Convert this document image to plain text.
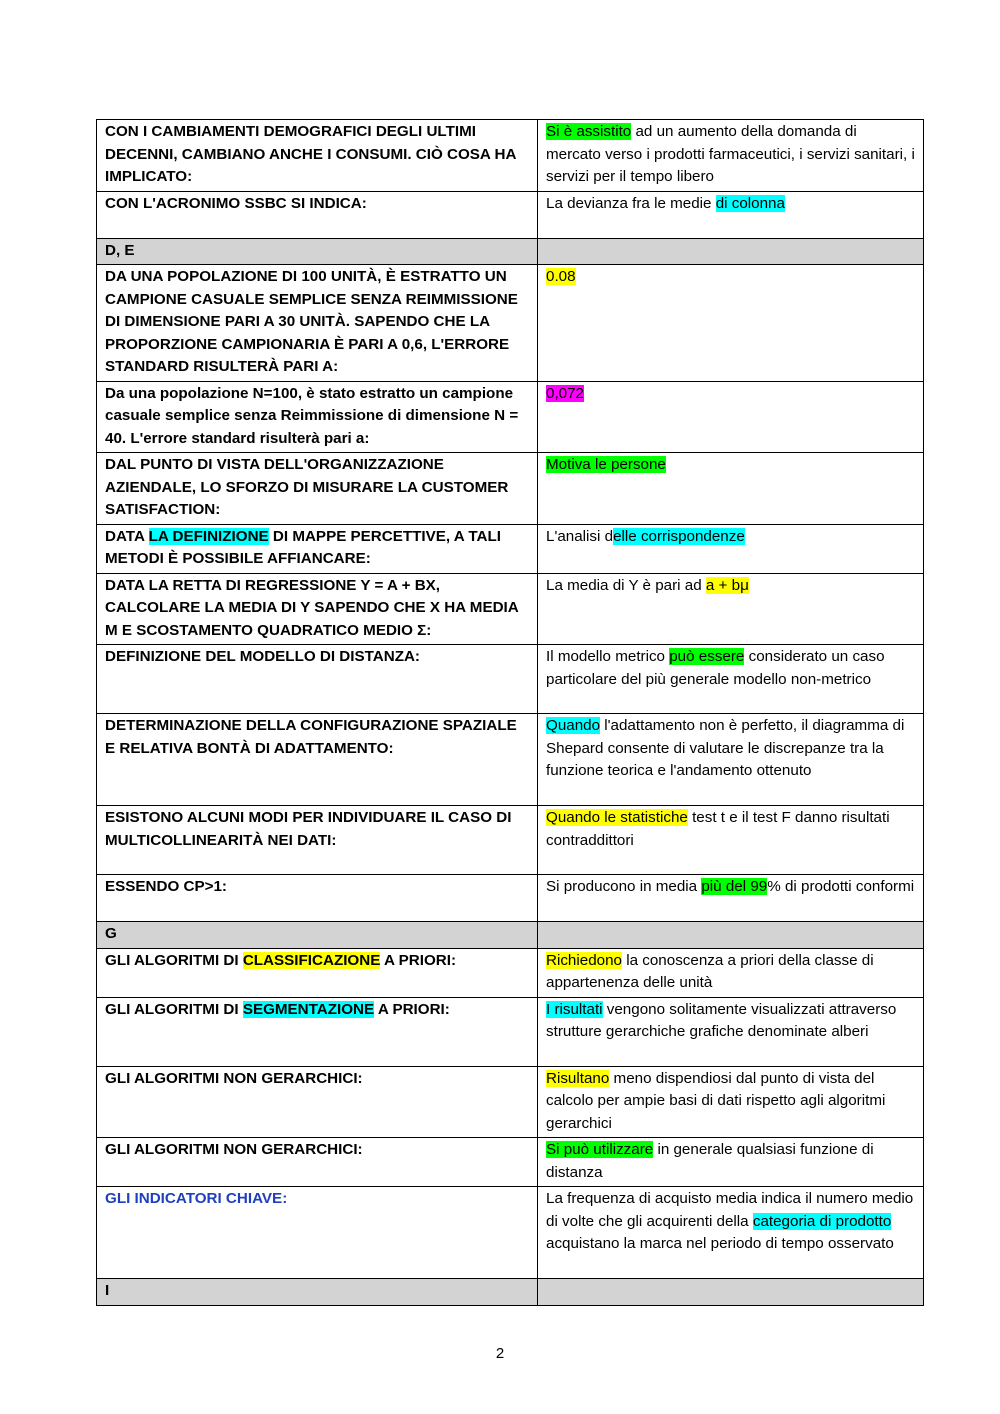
CON I CAMBIAMENTI DEMOGRAFICI DEGLI ULTIMI DECENNI, CAMBIANO ANCHE I CONSUMI. CIÒ COSA HA IMPLICATO:	Si è assistito ad un aumento della domanda di mercato verso i prodotti farmaceutici, i servizi sanitari, i servizi per il tempo libero
CON L'ACRONIMO SSBC SI INDICA:	La devianza fra le medie di colonna
D, E	
DA UNA POPOLAZIONE DI 100 UNITÀ, È ESTRATTO UN CAMPIONE CASUALE SEMPLICE SENZA REIMMISSIONE DI DIMENSIONE PARI A 30 UNITÀ. SAPENDO CHE LA PROPORZIONE CAMPIONARIA È PARI A 0,6, L'ERRORE STANDARD RISULTERÀ PARI A:	0.08
Da una popolazione N=100, è stato estratto un campione casuale semplice senza Reimmissione di dimensione N = 40. L'errore standard risulterà pari a:	0,072
DAL PUNTO DI VISTA DELL'ORGANIZZAZIONE AZIENDALE, LO SFORZO DI MISURARE LA CUSTOMER SATISFACTION:	Motiva le persone
DATA LA DEFINIZIONE DI MAPPE PERCETTIVE, A TALI METODI È POSSIBILE AFFIANCARE:	L'analisi delle corrispondenze
DATA LA RETTA DI REGRESSIONE Y = A + BX, CALCOLARE LA MEDIA DI Y SAPENDO CHE X HA MEDIA M E SCOSTAMENTO QUADRATICO MEDIO Σ:	La media di Y è pari ad a + bμ
DEFINIZIONE DEL MODELLO DI DISTANZA:	Il modello metrico può essere considerato un caso particolare del più generale modello non-metrico
DETERMINAZIONE DELLA CONFIGURAZIONE SPAZIALE E RELATIVA BONTÀ DI ADATTAMENTO:	Quando l'adattamento non è perfetto, il diagramma di Shepard consente di valutare le discrepanze tra la funzione teorica e l'andamento ottenuto
ESISTONO ALCUNI MODI PER INDIVIDUARE IL CASO DI MULTICOLLINEARITÀ NEI DATI:	Quando le statistiche test t e il test F danno risultati contraddittori
ESSENDO CP>1:	Si producono in media più del 99% di prodotti conformi
G	
GLI ALGORITMI DI CLASSIFICAZIONE A PRIORI:	Richiedono la conoscenza a priori della classe di appartenenza delle unità
GLI ALGORITMI DI SEGMENTAZIONE A PRIORI:	I risultati vengono solitamente visualizzati attraverso strutture gerarchiche grafiche denominate alberi
GLI ALGORITMI NON GERARCHICI:	Risultano meno dispendiosi dal punto di vista del calcolo per ampie basi di dati rispetto agli algoritmi gerarchici
GLI ALGORITMI NON GERARCHICI:	Si può utilizzare in generale qualsiasi funzione di distanza
GLI INDICATORI CHIAVE:	La frequenza di acquisto media indica il numero medio di volte che gli acquirenti della categoria di prodotto acquistano la marca nel periodo di tempo osservato
I	
2
